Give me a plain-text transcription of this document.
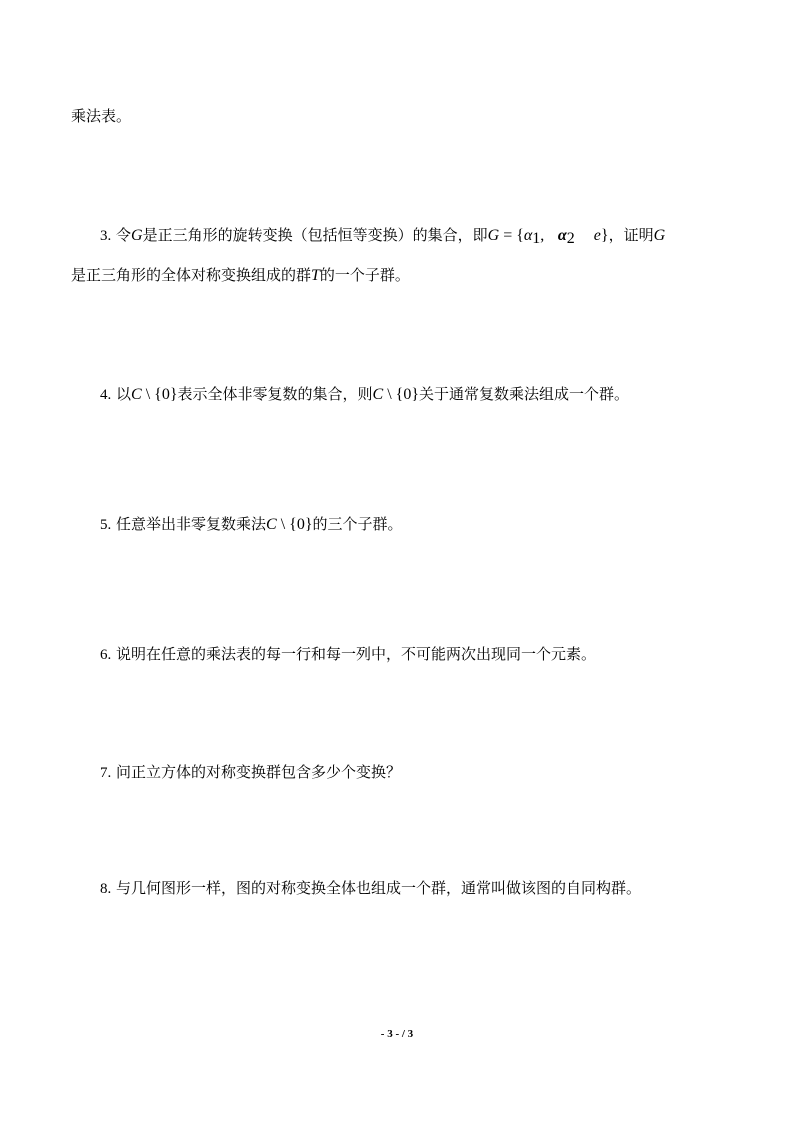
乘法表。
3. 令G是正三角形的旋转变换（包括恒等变换）的集合，即$G = \{\alpha_1$,   $\alpha_2$ e}，证明G
是正三角形的全体对称变换组成的群T的一个子群。
4. 以C \ {0}表示全体非零复数的集合，则C \ {0}关于通常复数乘法组成一个群。
5. 任意举出非零复数乘法C \ {0}的三个子群。
6. 说明在任意的乘法表的每一行和每一列中，不可能两次出现同一个元素。
7. 问正立方体的对称变换群包含多少个变换？
8. 与几何图形一样，图的对称变换全体也组成一个群，通常叫做该图的自同构群。
- 3 - / 3
